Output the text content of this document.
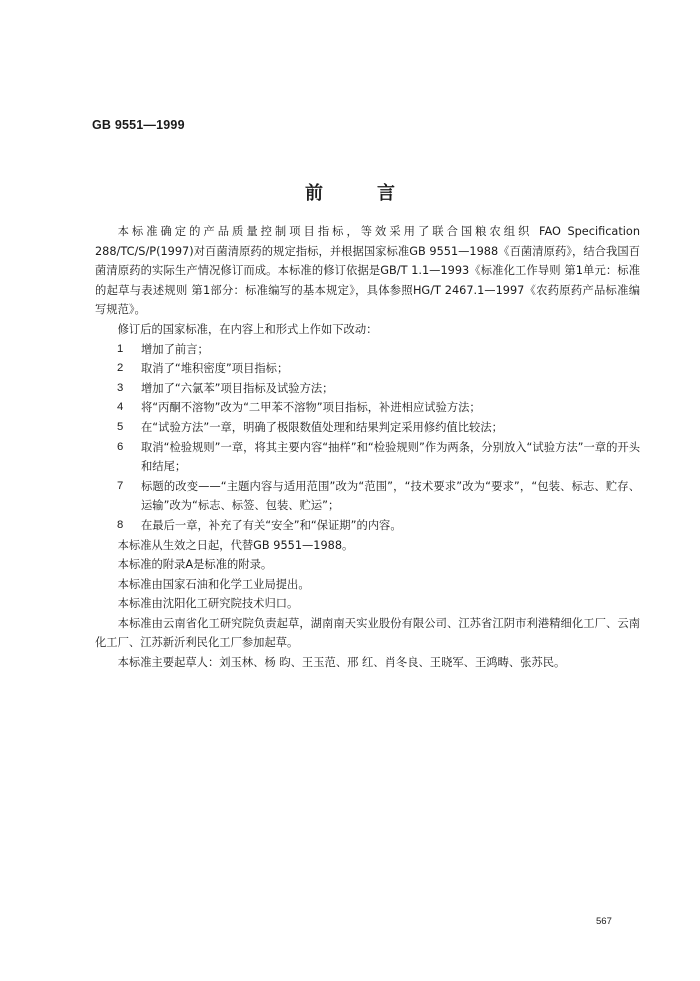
GB 9551—1999
前	言

本标准确定的产品质量控制项目指标，等效采用了联合国粮农组织 FAO Specification 288/TC/S/P(1997)对百菌清原药的规定指标，并根据国家标准GB 9551—1988《百菌清原药》，结合我国百菌清原药的实际生产情况修订而成。本标准的修订依据是GB/T 1.1—1993《标准化工作导则 第1单元：标准的起草与表述规则 第1部分：标准编写的基本规定》，具体参照HG/T 2467.1—1997《农药原药产品标准编写规范》。

修订后的国家标准，在内容上和形式上作如下改动：

1	增加了前言；
2	取消了“堆积密度”项目指标；
3	增加了“六氯苯”项目指标及试验方法；
4	将“丙酮不溶物”改为“二甲苯不溶物”项目指标，补进相应试验方法；
5	在“试验方法”一章，明确了极限数值处理和结果判定采用修约值比较法；
6	取消“检验规则”一章，将其主要内容“抽样”和“检验规则”作为两条，分别放入“试验方法”一章的开头和结尾；
7	标题的改变——“主题内容与适用范围”改为“范围”，“技术要求”改为“要求”，“包装、标志、贮存、运输”改为“标志、标签、包装、贮运”；
8	在最后一章，补充了有关“安全”和“保证期”的内容。

本标准从生效之日起，代替GB 9551—1988。

本标准的附录A是标准的附录。

本标准由国家石油和化学工业局提出。

本标准由沈阳化工研究院技术归口。

本标准由云南省化工研究院负责起草，湖南南天实业股份有限公司、江苏省江阴市利港精细化工厂、云南化工厂、江苏新沂利民化工厂参加起草。

本标准主要起草人：刘玉林、杨 昀、王玉范、邢 红、肖冬良、王晓军、王鸿畴、张苏民。

567
